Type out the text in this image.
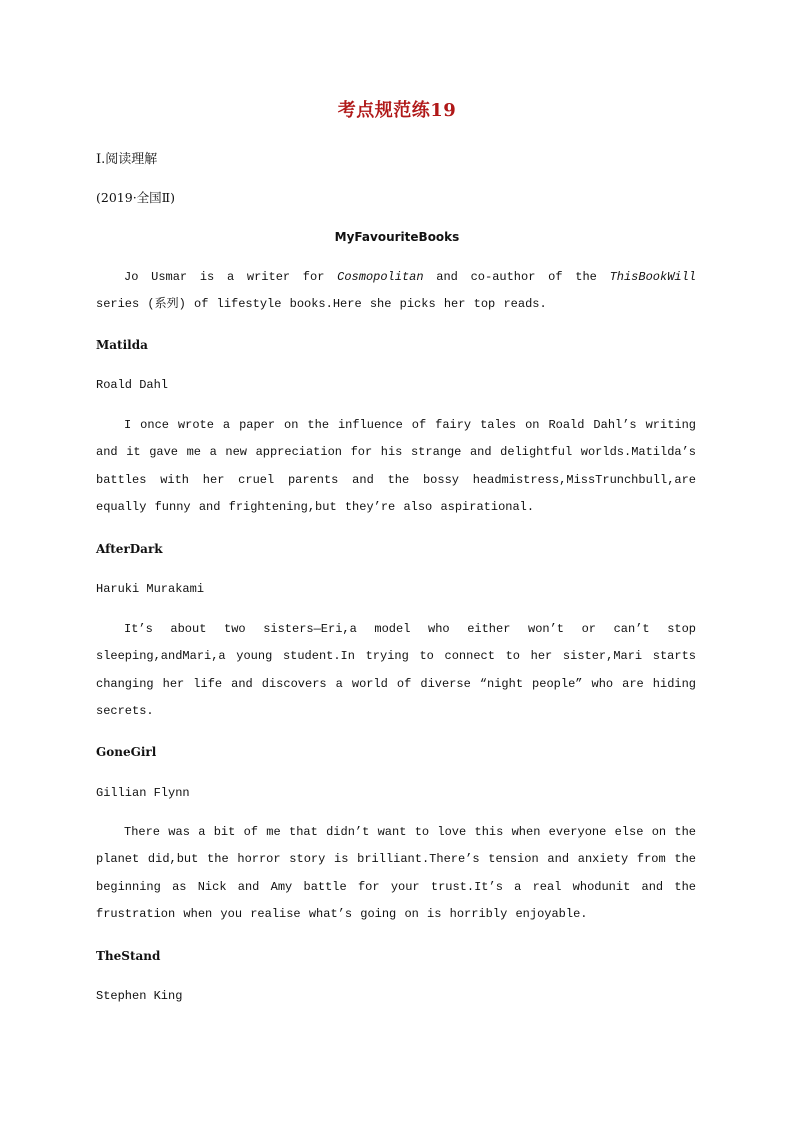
考点规范练19
Ⅰ.阅读理解
(2019·全国Ⅱ)
MyFavouriteBooks
Jo Usmar is a writer for Cosmopolitan and co-author of the ThisBookWill series (系列) of lifestyle books.Here she picks her top reads.
Matilda
Roald Dahl
I once wrote a paper on the influence of fairy tales on Roald Dahl’s writing and it gave me a new appreciation for his strange and delightful worlds.Matilda’s battles with her cruel parents and the bossy headmistress,MissTrunchbull,are equally funny and frightening,but they’re also aspirational.
AfterDark
Haruki Murakami
It’s about two sisters—Eri,a model who either won’t or can’t stop sleeping,andMari,a young student.In trying to connect to her sister,Mari starts changing her life and discovers a world of diverse “night people” who are hiding secrets.
GoneGirl
Gillian Flynn
There was a bit of me that didn’t want to love this when everyone else on the planet did,but the horror story is brilliant.There’s tension and anxiety from the beginning as Nick and Amy battle for your trust.It’s a real whodunit and the frustration when you realise what’s going on is horribly enjoyable.
TheStand
Stephen King
